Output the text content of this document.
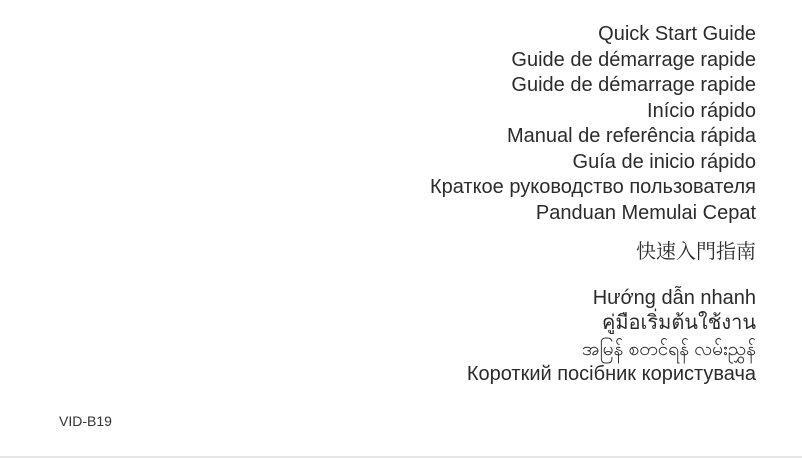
Quick Start Guide
Guide de démarrage rapide
Guide de démarrage rapide
Início rápido
Manual de referência rápida
Guía de inicio rápido
Краткое руководство пользователя
Panduan Memulai Cepat
快速入門指南
Hướng dẫn nhanh
คู่มือเริ่มต้นใช้งาน
အမြန် စတင်ရန် လမ်းညွှန်
Короткий посібник користувача
VID-B19
